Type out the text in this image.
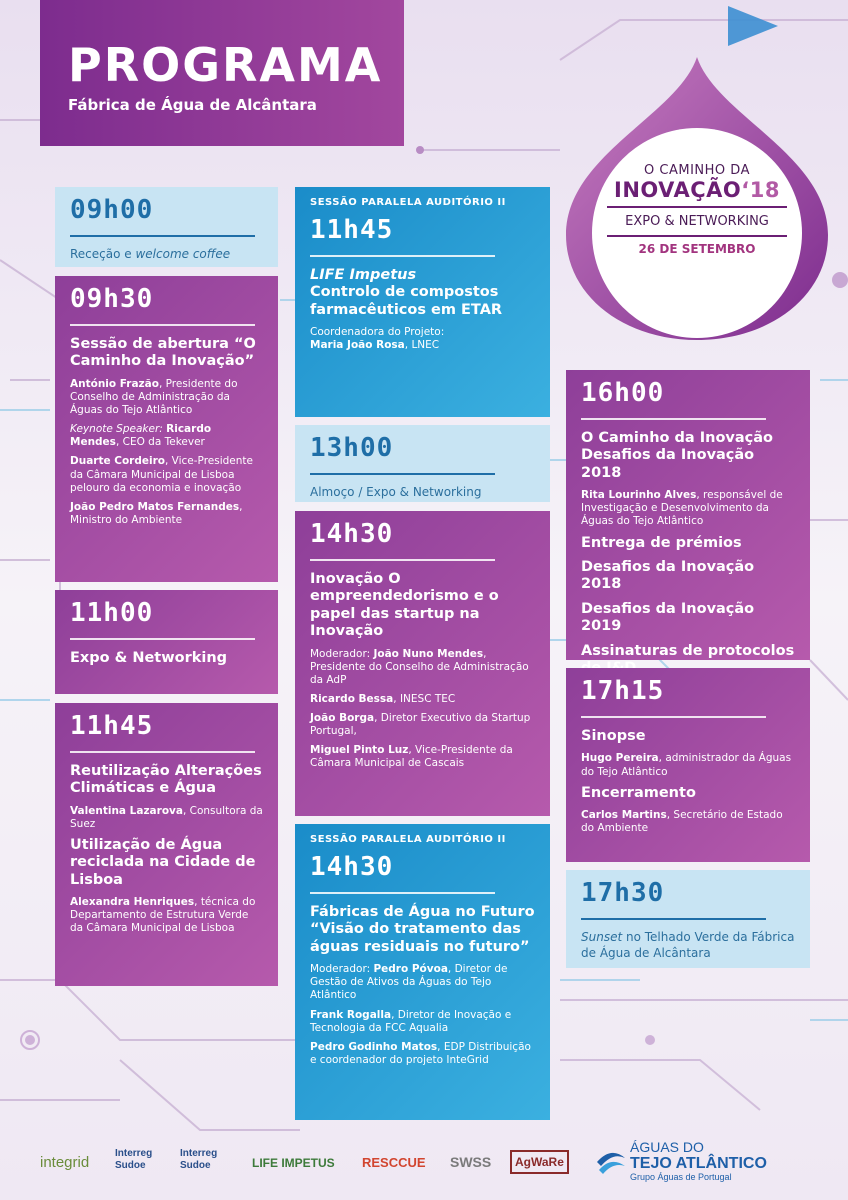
PROGRAMA
Fábrica de Água de Alcântara
O CAMINHO DA
INOVAÇÃO‘18
EXPO & NETWORKING
26 DE SETEMBRO
09h00
Receção e welcome coffee
09h30
Sessão de abertura “O Caminho da Inovação”
António Frazão, Presidente do Conselho de Administração da Águas do Tejo Atlântico
Keynote Speaker: Ricardo Mendes, CEO da Tekever
Duarte Cordeiro, Vice-Presidente da Câmara Municipal de Lisboa pelouro da economia e inovação
João Pedro Matos Fernandes, Ministro do Ambiente
11h00
Expo & Networking
11h45
Reutilização Alterações Climáticas e Água
Valentina Lazarova, Consultora da Suez
Utilização de Água reciclada na Cidade de Lisboa
Alexandra Henriques, técnica do Departamento de Estrutura Verde da Câmara Municipal de Lisboa
SESSÃO PARALELA AUDITÓRIO II
11h45
LIFE Impetus
Controlo de compostos farmacêuticos em ETAR
Coordenadora do Projeto:
Maria João Rosa, LNEC
13h00
Almoço / Expo & Networking
14h30
Inovação O empreendedorismo e o papel das startup na Inovação
Moderador: João Nuno Mendes, Presidente do Conselho de Administração da AdP
Ricardo Bessa, INESC TEC
João Borga, Diretor Executivo da Startup Portugal,
Miguel Pinto Luz, Vice-Presidente da Câmara Municipal de Cascais
SESSÃO PARALELA AUDITÓRIO II
14h30
Fábricas de Água no Futuro “Visão do tratamento das águas residuais no futuro”
Moderador: Pedro Póvoa, Diretor de Gestão de Ativos da Águas do Tejo Atlântico
Frank Rogalla, Diretor de Inovação e Tecnologia da FCC Aqualia
Pedro Godinho Matos, EDP Distribuição e coordenador do projeto InteGrid
16h00
O Caminho da Inovação Desafios da Inovação 2018
Rita Lourinho Alves, responsável de Investigação e Desenvolvimento da Águas do Tejo Atlântico
Entrega de prémios
Desafios da Inovação 2018
Desafios da Inovação 2019
Assinaturas de protocolos
17h15
Sinopse
Hugo Pereira, administrador da Águas do Tejo Atlântico
Encerramento
Carlos Martins, Secretário de Estado do Ambiente
17h30
Sunset no Telhado Verde da Fábrica de Água de Alcântara
integrid
Interreg Sudoe
Interreg Sudoe	LIFE IMPETUS RESCCUE SWSS	AgWaRe
ÁGUAS DO
TEJO ATLÂNTICO
Grupo Águas de Portugal
